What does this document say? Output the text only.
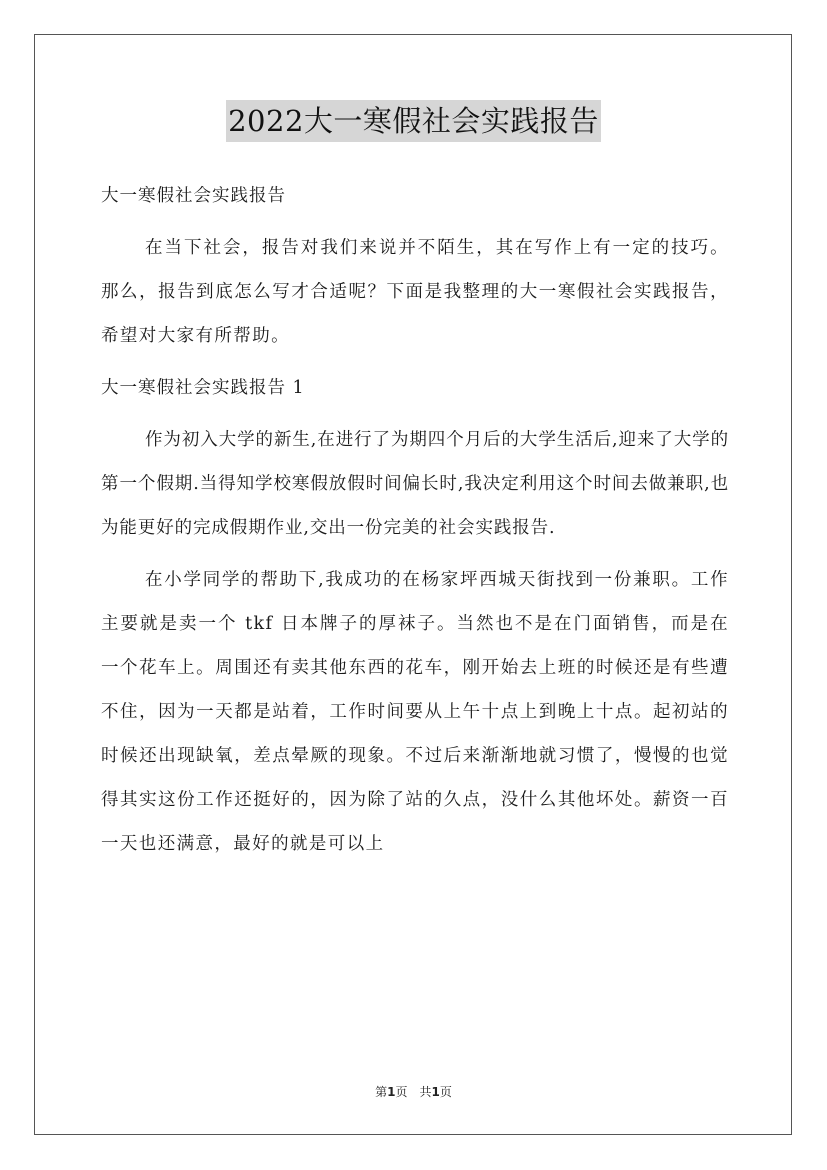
2022大一寒假社会实践报告

大一寒假社会实践报告

在当下社会，报告对我们来说并不陌生，其在写作上有一定的技巧。那么，报告到底怎么写才合适呢？下面是我整理的大一寒假社会实践报告，希望对大家有所帮助。

大一寒假社会实践报告 1

作为初入大学的新生,在进行了为期四个月后的大学生活后,迎来了大学的第一个假期.当得知学校寒假放假时间偏长时,我决定利用这个时间去做兼职,也为能更好的完成假期作业,交出一份完美的社会实践报告.

在小学同学的帮助下,我成功的在杨家坪西城天街找到一份兼职。工作主要就是卖一个 tkf 日本牌子的厚袜子。当然也不是在门面销售，而是在一个花车上。周围还有卖其他东西的花车，刚开始去上班的时候还是有些遭不住，因为一天都是站着，工作时间要从上午十点上到晚上十点。起初站的时候还出现缺氧，差点晕厥的现象。不过后来渐渐地就习惯了，慢慢的也觉得其实这份工作还挺好的，因为除了站的久点，没什么其他坏处。薪资一百一天也还满意，最好的就是可以上

第1页 共1页
